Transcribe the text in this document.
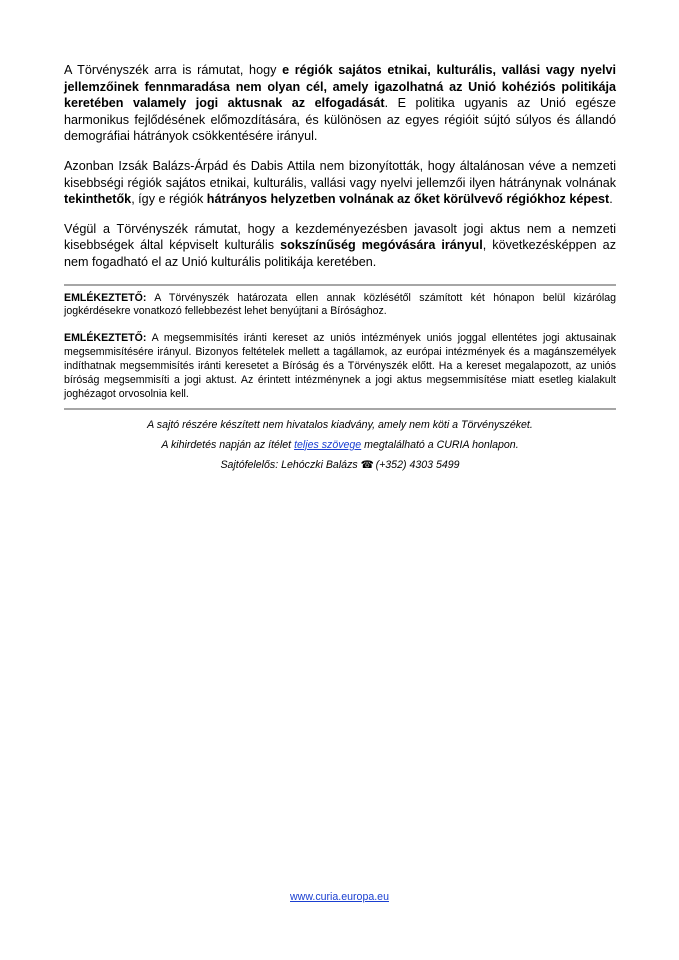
A Törvényszék arra is rámutat, hogy e régiók sajátos etnikai, kulturális, vallási vagy nyelvi jellemzőinek fennmaradása nem olyan cél, amely igazolhatná az Unió kohéziós politikája keretében valamely jogi aktusnak az elfogadását. E politika ugyanis az Unió egésze harmonikus fejlődésének előmozdítására, és különösen az egyes régióit sújtó súlyos és állandó demográfiai hátrányok csökkentésére irányul.

Azonban Izsák Balázs-Árpád és Dabis Attila nem bizonyították, hogy általánosan véve a nemzeti kisebbségi régiók sajátos etnikai, kulturális, vallási vagy nyelvi jellemzői ilyen hátránynak volnának tekinthetők, így e régiók hátrányos helyzetben volnának az őket körülvevő régiókhoz képest.

Végül a Törvényszék rámutat, hogy a kezdeményezésben javasolt jogi aktus nem a nemzeti kisebbségek által képviselt kulturális sokszínűség megóvására irányul, következésképpen az nem fogadható el az Unió kulturális politikája keretében.

EMLÉKEZTETŐ: A Törvényszék határozata ellen annak közlésétől számított két hónapon belül kizárólag jogkérdésekre vonatkozó fellebbezést lehet benyújtani a Bírósághoz.

EMLÉKEZTETŐ: A megsemmisítés iránti kereset az uniós intézmények uniós joggal ellentétes jogi aktusainak megsemmisítésére irányul. Bizonyos feltételek mellett a tagállamok, az európai intézmények és a magánszemélyek indíthatnak megsemmisítés iránti keresetet a Bíróság és a Törvényszék előtt. Ha a kereset megalapozott, az uniós bíróság megsemmisíti a jogi aktust. Az érintett intézménynek a jogi aktus megsemmisítése miatt esetleg kialakult joghézagot orvosolnia kell.

A sajtó részére készített nem hivatalos kiadvány, amely nem köti a Törvényszéket.

A kihirdetés napján az ítélet teljes szövege megtalálható a CURIA honlapon.

Sajtófelelős: Lehóczki Balázs ☎ (+352) 4303 5499

www.curia.europa.eu
